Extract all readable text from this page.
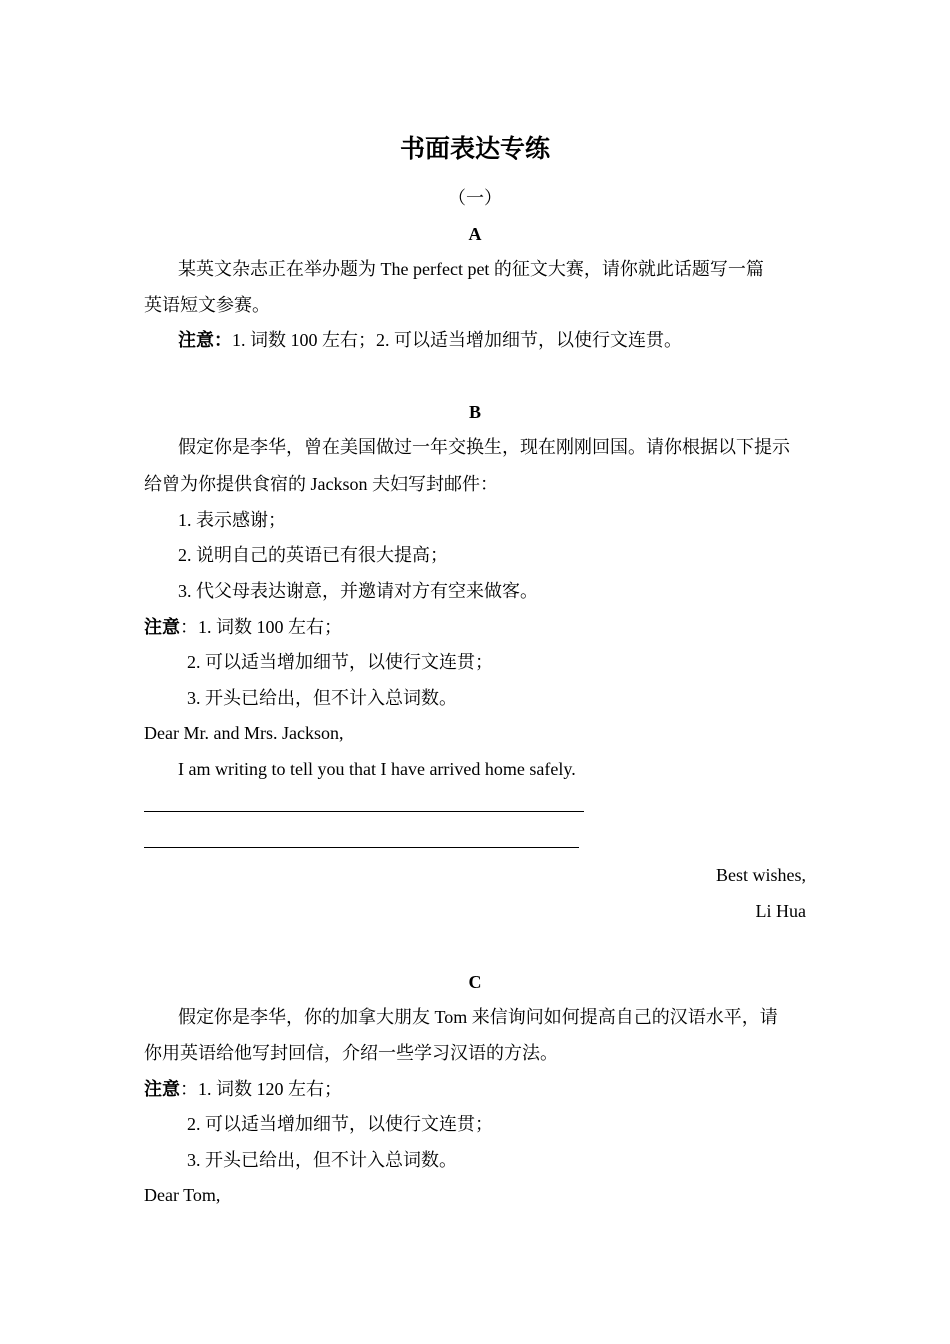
书面表达专练
（一）
A
某英文杂志正在举办题为 The perfect pet 的征文大赛，请你就此话题写一篇
英语短文参赛。
注意：1. 词数 100 左右；2. 可以适当增加细节，以使行文连贯。
B
假定你是李华，曾在美国做过一年交换生，现在刚刚回国。请你根据以下提示
给曾为你提供食宿的 Jackson 夫妇写封邮件：
1. 表示感谢；
2. 说明自己的英语已有很大提高；
3. 代父母表达谢意，并邀请对方有空来做客。
注意：1. 词数 100 左右；
2. 可以适当增加细节，以使行文连贯；
3. 开头已给出，但不计入总词数。
Dear Mr. and Mrs. Jackson,
I am writing to tell you that I have arrived home safely.
Best wishes,
Li Hua
C
假定你是李华，你的加拿大朋友 Tom 来信询问如何提高自己的汉语水平，请
你用英语给他写封回信，介绍一些学习汉语的方法。
注意：1. 词数 120 左右；
2. 可以适当增加细节，以使行文连贯；
3. 开头已给出，但不计入总词数。
Dear Tom,
